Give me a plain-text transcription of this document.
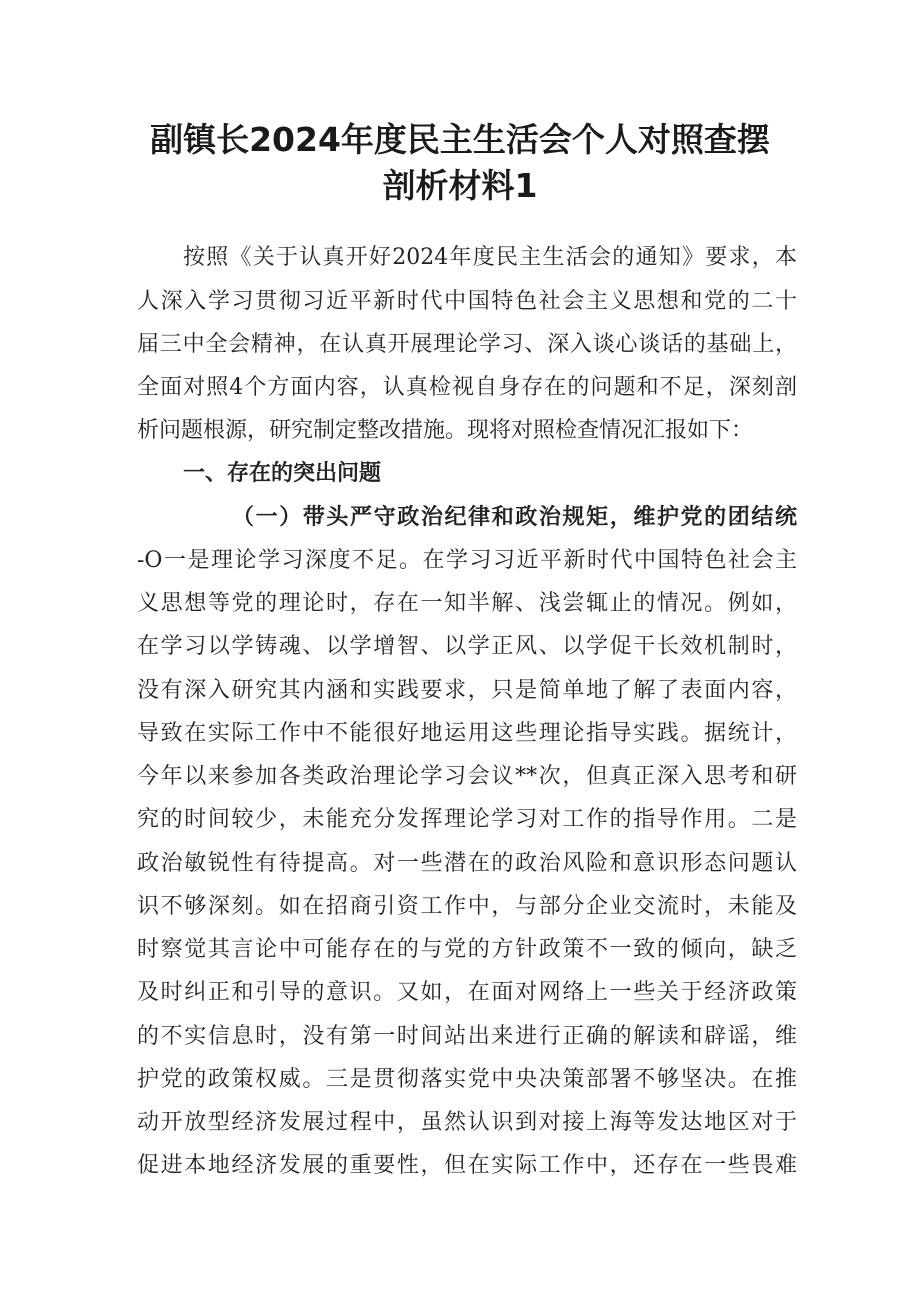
副镇长2024年度民主生活会个人对照查摆
剖析材料1
按照《关于认真开好2024年度民主生活会的通知》要求，本
人深入学习贯彻习近平新时代中国特色社会主义思想和党的二十
届三中全会精神，在认真开展理论学习、深入谈心谈话的基础上，
全面对照4个方面内容，认真检视自身存在的问题和不足，深刻剖
析问题根源，研究制定整改措施。现将对照检查情况汇报如下：
一、存在的突出问题
（一）带头严守政治纪律和政治规矩，维护党的团结统
-O一是理论学习深度不足。在学习习近平新时代中国特色社会主
义思想等党的理论时，存在一知半解、浅尝辄止的情况。例如，
在学习以学铸魂、以学增智、以学正风、以学促干长效机制时，
没有深入研究其内涵和实践要求，只是简单地了解了表面内容，
导致在实际工作中不能很好地运用这些理论指导实践。据统计，
今年以来参加各类政治理论学习会议**次，但真正深入思考和研
究的时间较少，未能充分发挥理论学习对工作的指导作用。二是
政治敏锐性有待提高。对一些潜在的政治风险和意识形态问题认
识不够深刻。如在招商引资工作中，与部分企业交流时，未能及
时察觉其言论中可能存在的与党的方针政策不一致的倾向，缺乏
及时纠正和引导的意识。又如，在面对网络上一些关于经济政策
的不实信息时，没有第一时间站出来进行正确的解读和辟谣，维
护党的政策权威。三是贯彻落实党中央决策部署不够坚决。在推
动开放型经济发展过程中，虽然认识到对接上海等发达地区对于
促进本地经济发展的重要性，但在实际工作中，还存在一些畏难
